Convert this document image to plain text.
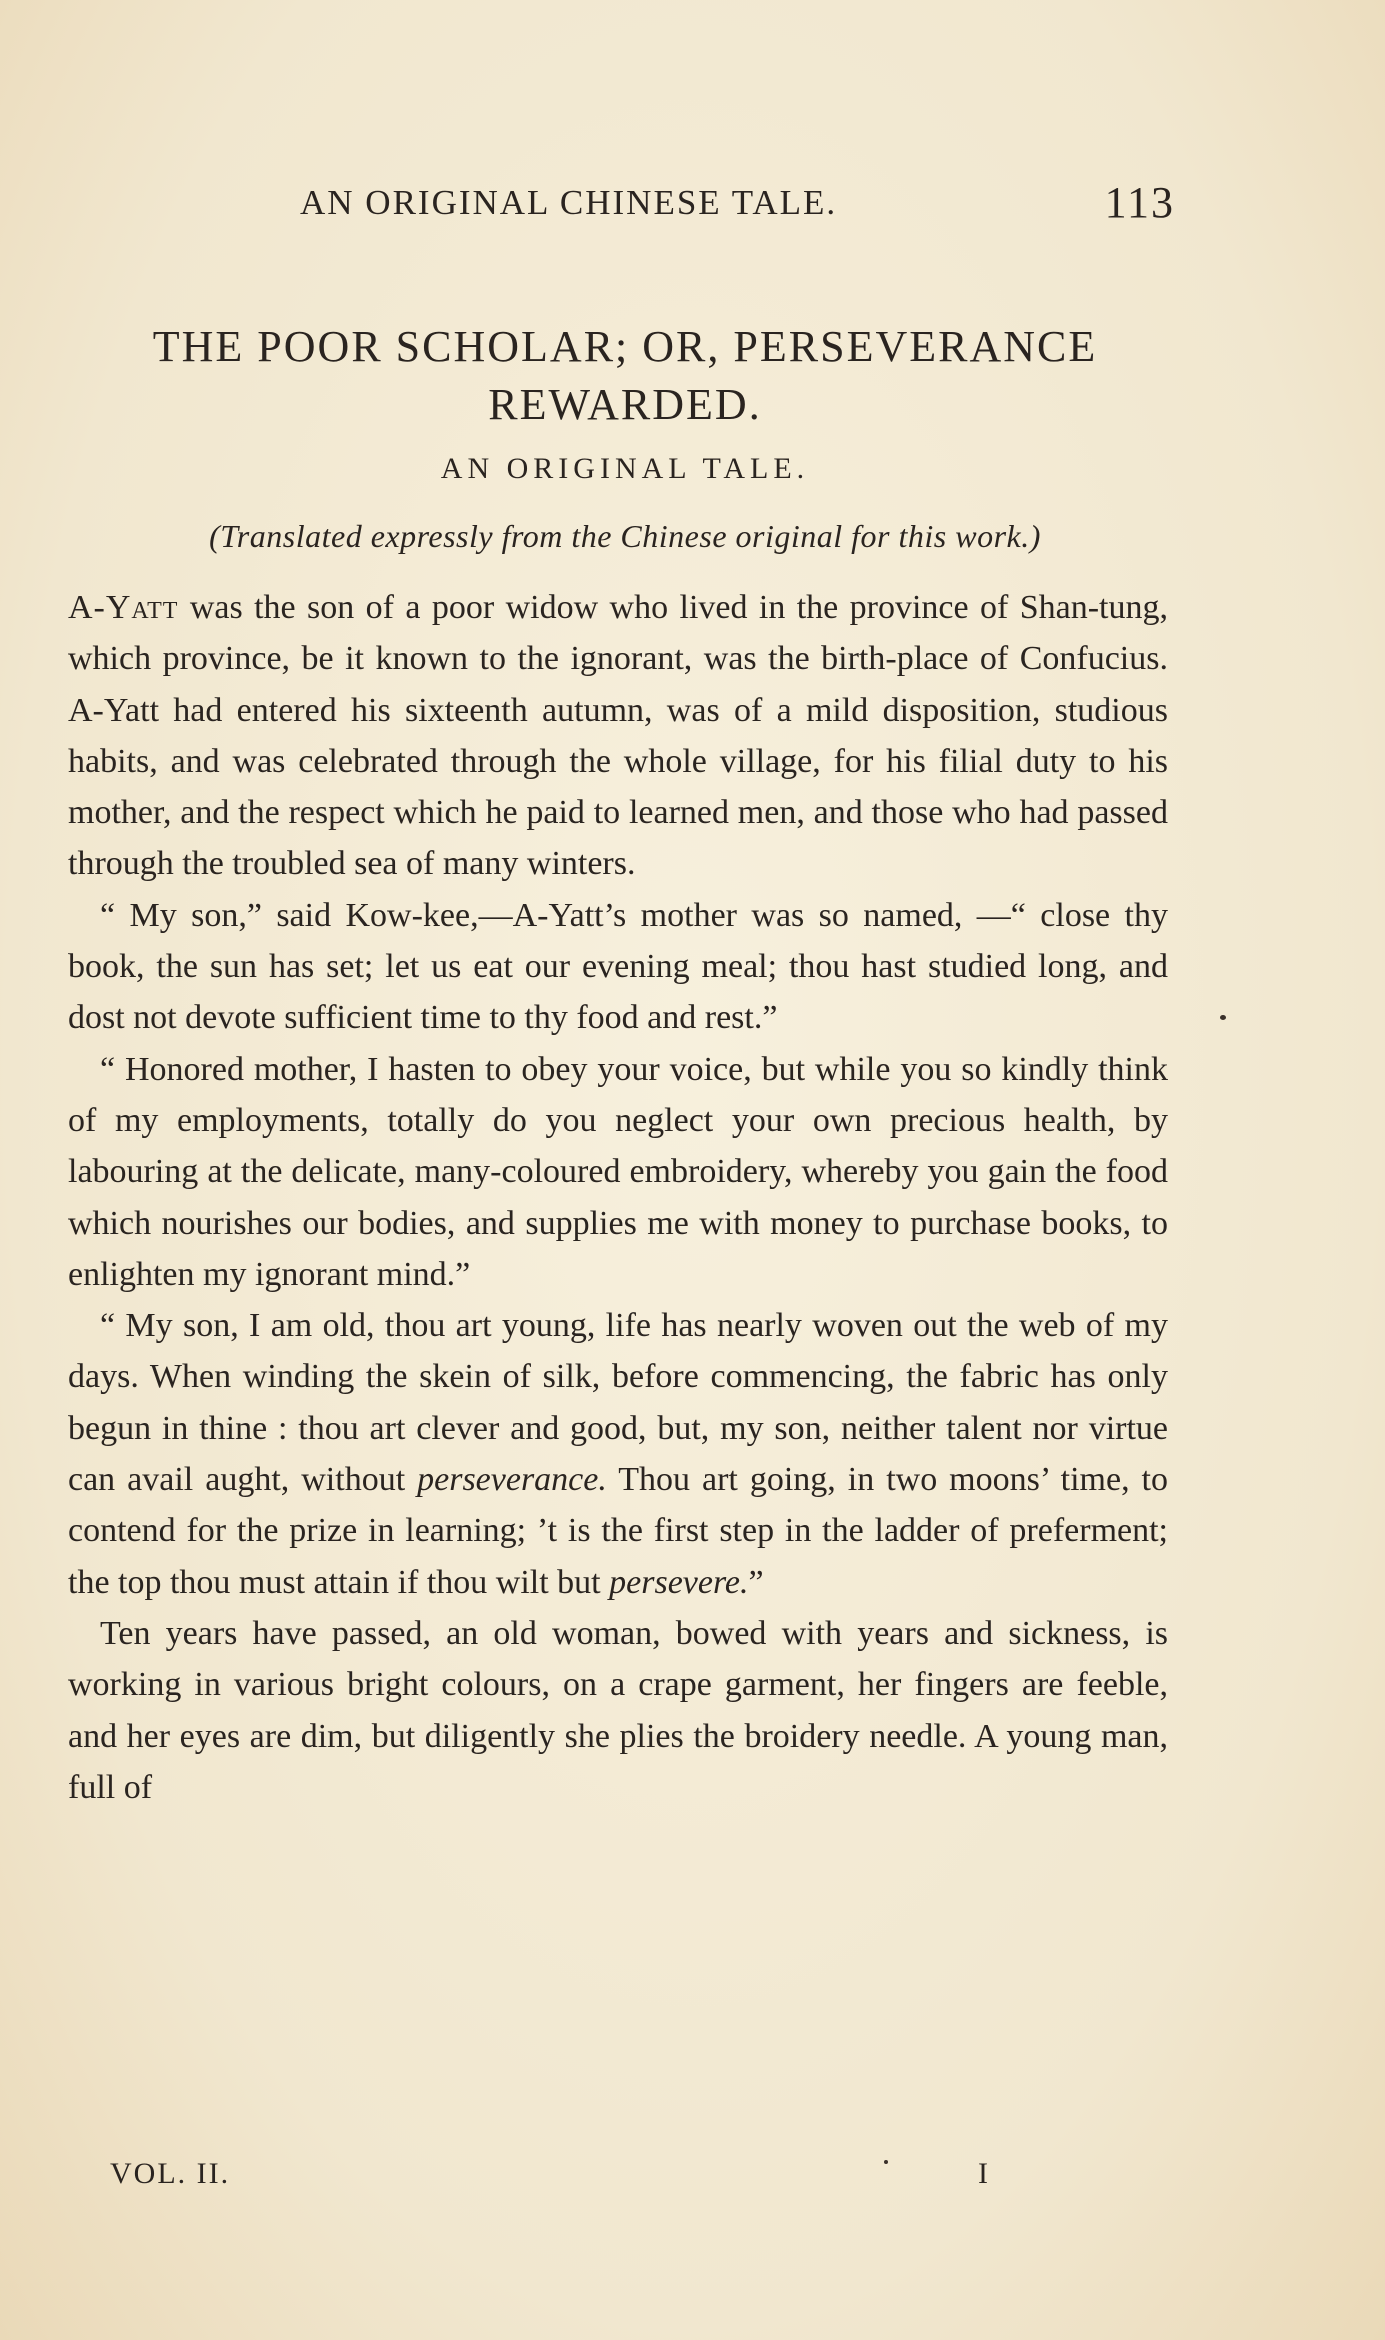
AN ORIGINAL CHINESE TALE.	113
THE POOR SCHOLAR; OR, PERSEVERANCE REWARDED.
AN ORIGINAL TALE.
(Translated expressly from the Chinese original for this work.)

A-Yatt was the son of a poor widow who lived in the province of Shan-tung, which province, be it known to the ignorant, was the birth-place of Confucius. A-Yatt had entered his sixteenth autumn, was of a mild disposition, studious habits, and was celebrated through the whole village, for his filial duty to his mother, and the respect which he paid to learned men, and those who had passed through the troubled sea of many winters.

“ My son,” said Kow-kee,—A-Yatt’s mother was so named, —“ close thy book, the sun has set; let us eat our evening meal; thou hast studied long, and dost not devote sufficient time to thy food and rest.”

“ Honored mother, I hasten to obey your voice, but while you so kindly think of my employments, totally do you neglect your own precious health, by labouring at the delicate, many-coloured embroidery, whereby you gain the food which nourishes our bodies, and supplies me with money to purchase books, to enlighten my ignorant mind.”

“ My son, I am old, thou art young, life has nearly woven out the web of my days. When winding the skein of silk, before commencing, the fabric has only begun in thine : thou art clever and good, but, my son, neither talent nor virtue can avail aught, without perseverance. Thou art going, in two moons’ time, to contend for the prize in learning; ’t is the first step in the ladder of preferment; the top thou must attain if thou wilt but persevere.”

Ten years have passed, an old woman, bowed with years and sickness, is working in various bright colours, on a crape garment, her fingers are feeble, and her eyes are dim, but diligently she plies the broidery needle. A young man, full of

VOL. II.	I
